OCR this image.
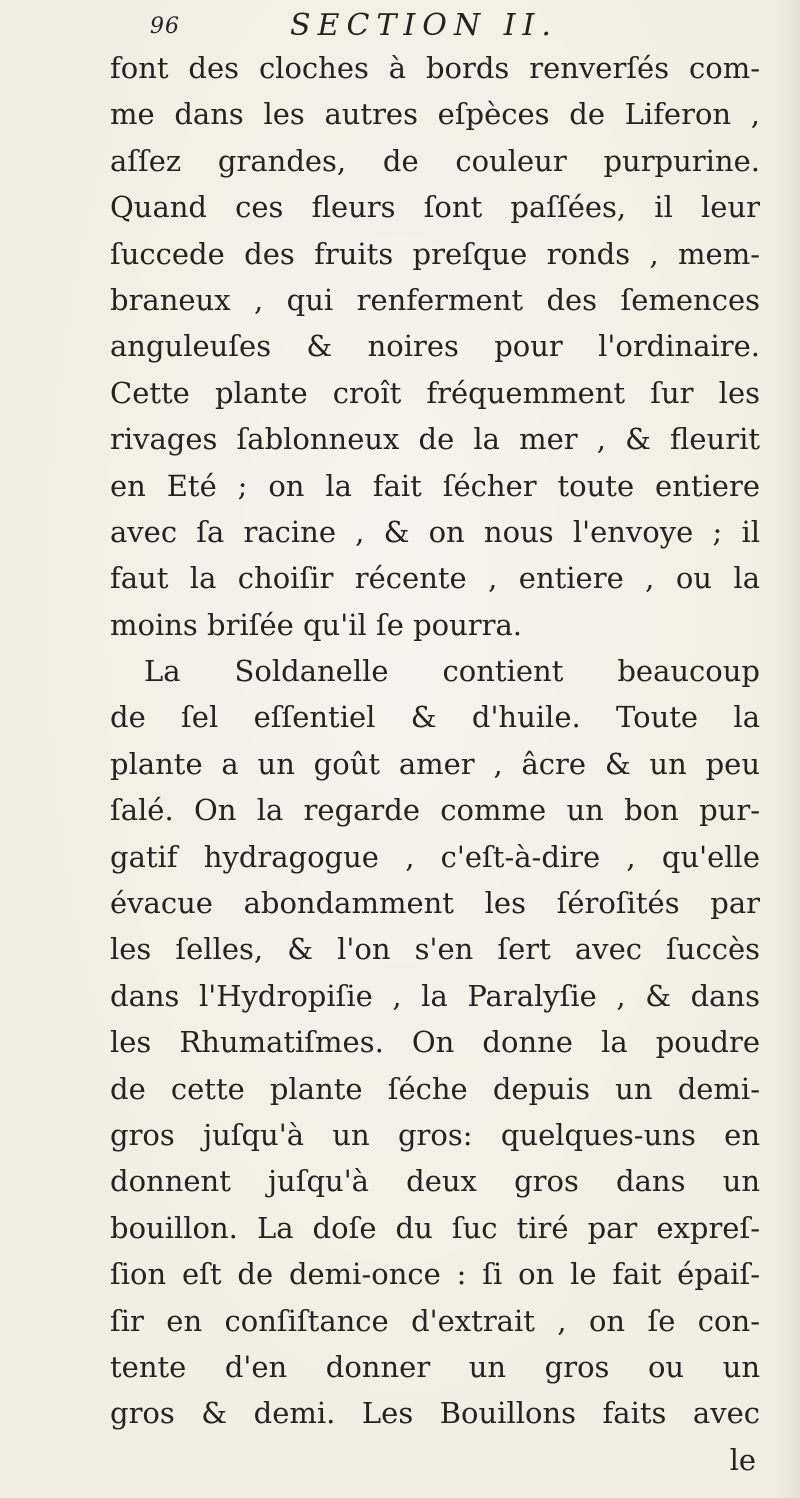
96	SECTION II.
font des cloches à bords renverſés com-
me dans les autres eſpèces de Liferon ,
aſſez grandes, de couleur purpurine.
Quand ces fleurs ſont paſſées, il leur
ſuccede des fruits preſque ronds , mem-
braneux , qui renferment des ſemences
anguleuſes & noires pour l'ordinaire.
Cette plante croît fréquemment ſur les
rivages ſablonneux de la mer , & fleurit
en Eté ; on la fait ſécher toute entiere
avec ſa racine , & on nous l'envoye ; il
faut la choiſir récente , entiere , ou la
moins briſée qu'il ſe pourra.
La Soldanelle contient beaucoup
de ſel eſſentiel & d'huile. Toute la
plante a un goût amer , âcre & un peu
ſalé. On la regarde comme un bon pur-
gatif hydragogue , c'eſt-à-dire , qu'elle
évacue abondamment les ſéroſités par
les ſelles, & l'on s'en ſert avec ſuccès
dans l'Hydropiſie , la Paralyſie , & dans
les Rhumatiſmes. On donne la poudre
de cette plante ſéche depuis un demi-
gros juſqu'à un gros: quelques-uns en
donnent juſqu'à deux gros dans un
bouillon. La doſe du ſuc tiré par expreſ-
ſion eſt de demi-once : ſi on le fait épaiſ-
ſir en conſiſtance d'extrait , on ſe con-
tente d'en donner un gros ou un
gros & demi. Les Bouillons faits avec
le
